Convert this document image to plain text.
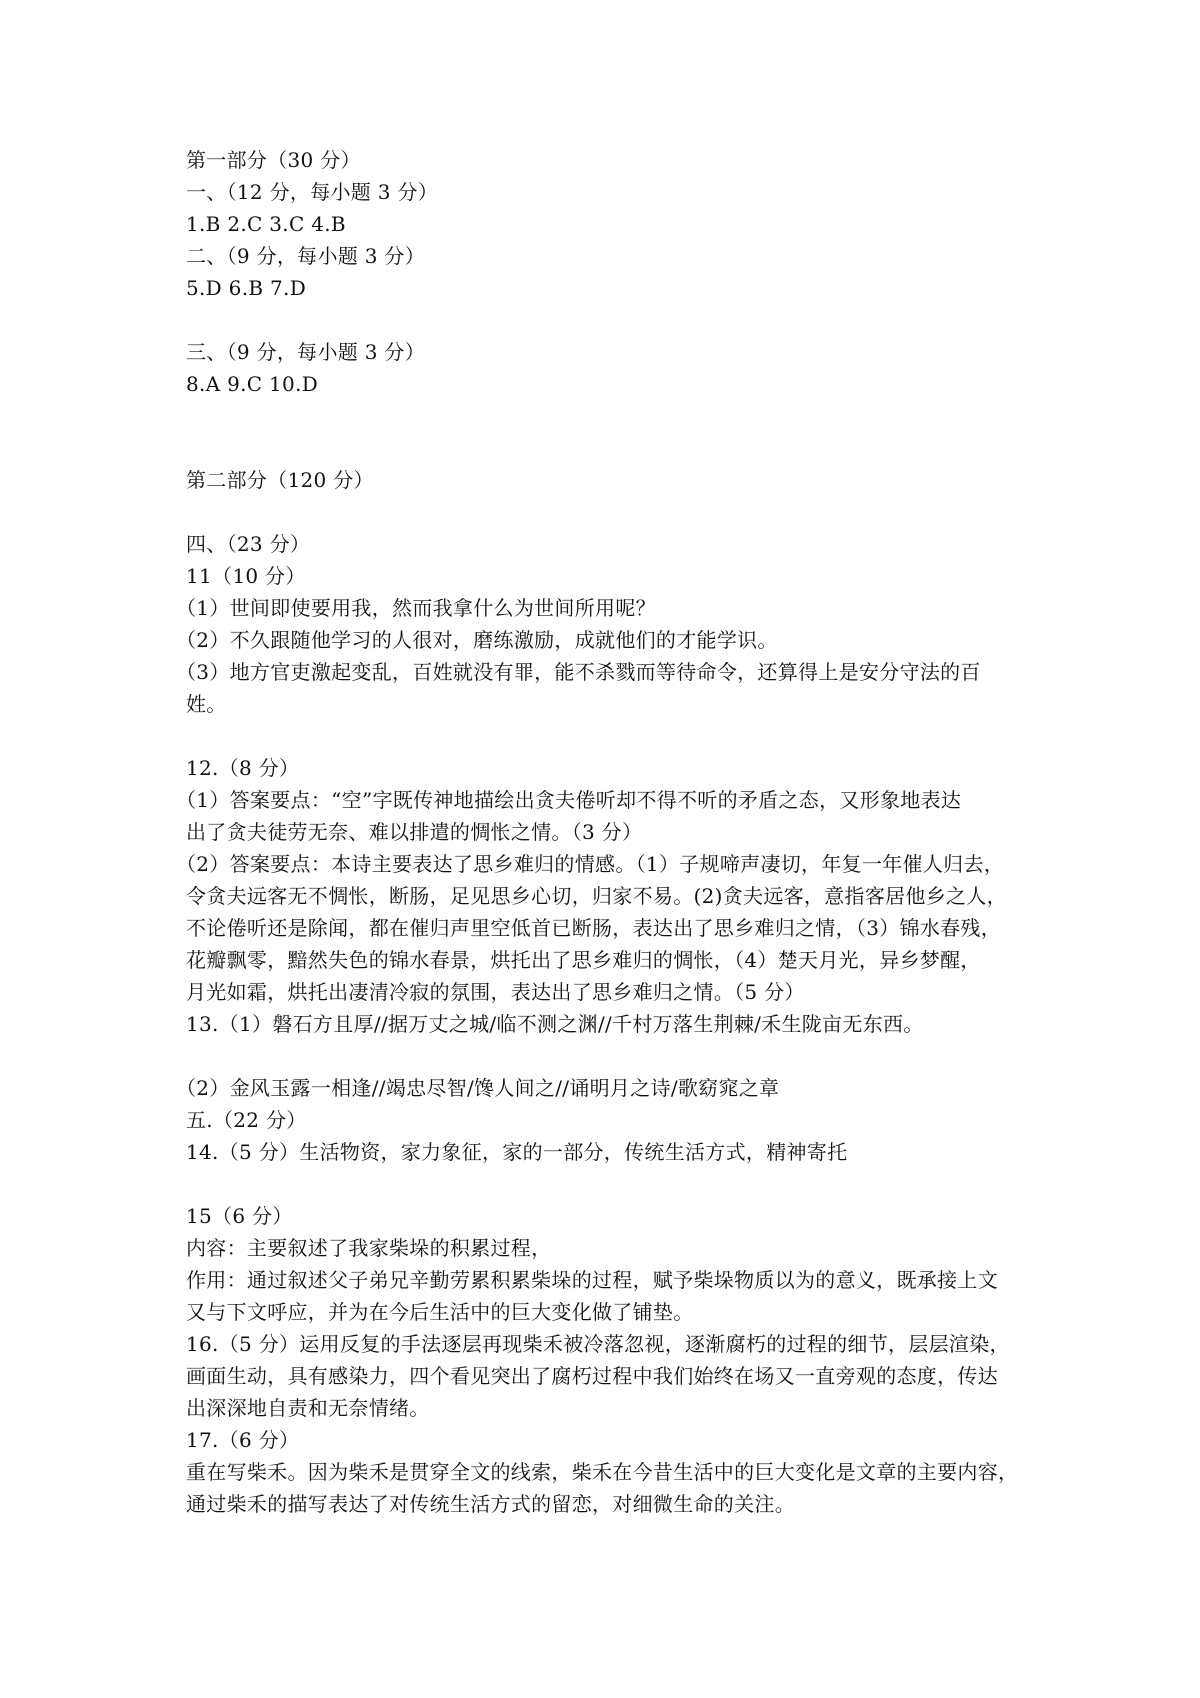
第一部分（30 分）
一、（12 分，每小题 3 分）
1.B 2.C 3.C 4.B
二、（9 分，每小题 3 分）
5.D 6.B 7.D
三、（9 分，每小题 3 分）
8.A 9.C 10.D
第二部分（120 分）
四、（23 分）
11（10 分）
（1）世间即使要用我，然而我拿什么为世间所用呢？
（2）不久跟随他学习的人很对，磨练激励，成就他们的才能学识。
（3）地方官吏激起变乱，百姓就没有罪，能不杀戮而等待命令，还算得上是安分守法的百
姓。
12.（8 分）
（1）答案要点：“空”字既传神地描绘出贪夫倦听却不得不听的矛盾之态，又形象地表达
出了贪夫徒劳无奈、难以排遣的惆怅之情。（3 分）
（2）答案要点：本诗主要表达了思乡难归的情感。（1）子规啼声凄切，年复一年催人归去，
令贪夫远客无不惆怅，断肠，足见思乡心切，归家不易。(2)贪夫远客，意指客居他乡之人，
不论倦听还是除闻，都在催归声里空低首已断肠，表达出了思乡难归之情，（3）锦水春残，
花瓣飘零，黯然失色的锦水春景，烘托出了思乡难归的惆怅，（4）楚天月光，异乡梦醒，
月光如霜，烘托出凄清冷寂的氛围，表达出了思乡难归之情。（5 分）
13.（1）磐石方且厚//据万丈之城/临不测之渊//千村万落生荆棘/禾生陇亩无东西。
（2）金风玉露一相逢//竭忠尽智/馋人间之//诵明月之诗/歌窈窕之章
五.（22 分）
14.（5 分）生活物资，家力象征，家的一部分，传统生活方式，精神寄托
15（6 分）
内容：主要叙述了我家柴垛的积累过程，
作用：通过叙述父子弟兄辛勤劳累积累柴垛的过程，赋予柴垛物质以为的意义，既承接上文
又与下文呼应，并为在今后生活中的巨大变化做了铺垫。
16.（5 分）运用反复的手法逐层再现柴禾被冷落忽视，逐渐腐朽的过程的细节，层层渲染，
画面生动，具有感染力，四个看见突出了腐朽过程中我们始终在场又一直旁观的态度，传达
出深深地自责和无奈情绪。
17.（6 分）
重在写柴禾。因为柴禾是贯穿全文的线索，柴禾在今昔生活中的巨大变化是文章的主要内容，
通过柴禾的描写表达了对传统生活方式的留恋，对细微生命的关注。
